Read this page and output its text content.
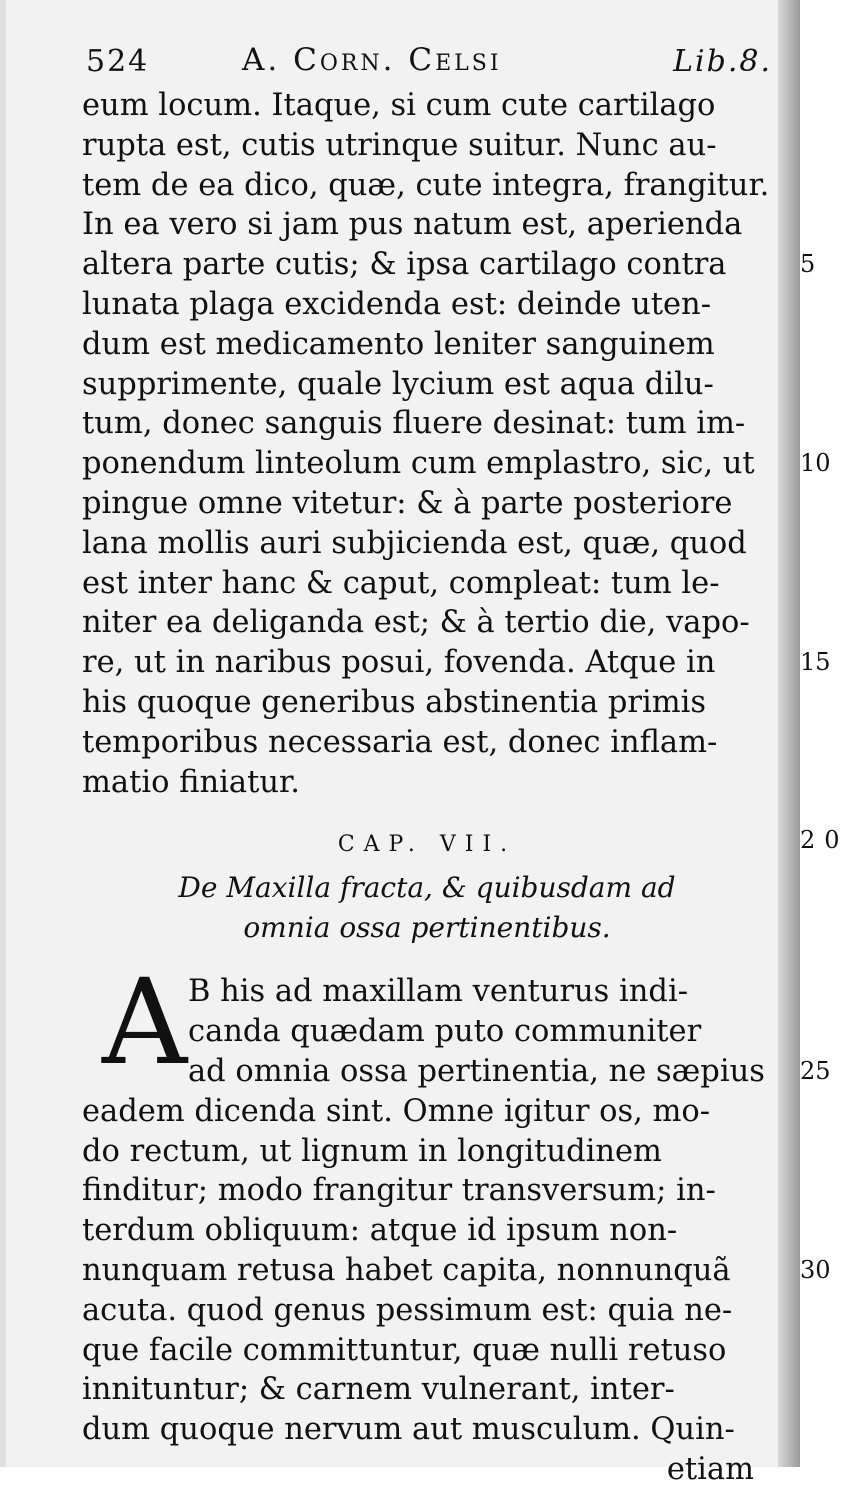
524	A. Corn. Celsi	Lib.8.
eum locum. Itaque, si cum cute cartilago
rupta est, cutis utrinque suitur. Nunc au-
tem de ea dico, quæ, cute integra, frangitur.
In ea vero si jam pus natum est, aperienda
altera parte cutis; & ipsa cartilago contra	5
lunata plaga excidenda est: deinde uten-
dum est medicamento leniter sanguinem
supprimente, quale lycium est aqua dilu-
tum, donec sanguis fluere desinat: tum im-
ponendum linteolum cum emplastro, sic, ut 10
pingue omne vitetur: & à parte posteriore
lana mollis auri subjicienda est, quæ, quod
est inter hanc & caput, compleat: tum le-
niter ea deliganda est; & à tertio die, vapo-
re, ut in naribus posui, fovenda. Atque in	15
his quoque generibus abstinentia primis
temporibus necessaria est, donec inflam-
matio finiatur.
CAP. VII.	20
De Maxilla fracta, & quibusdam ad
omnia ossa pertinentibus.
A B his ad maxillam venturus indi-
canda quædam puto communiter
ad omnia ossa pertinentia, ne sæpius 25
eadem dicenda sint. Omne igitur os, mo-
do rectum, ut lignum in longitudinem
finditur; modo frangitur transversum; in-
terdum obliquum: atque id ipsum non-
nunquam retusa habet capita, nonnunquã	30
acuta. quod genus pessimum est: quia ne-
que facile committuntur, quæ nulli retuso
innituntur; & carnem vulnerant, inter-
dum quoque nervum aut musculum. Quin-
etiam
